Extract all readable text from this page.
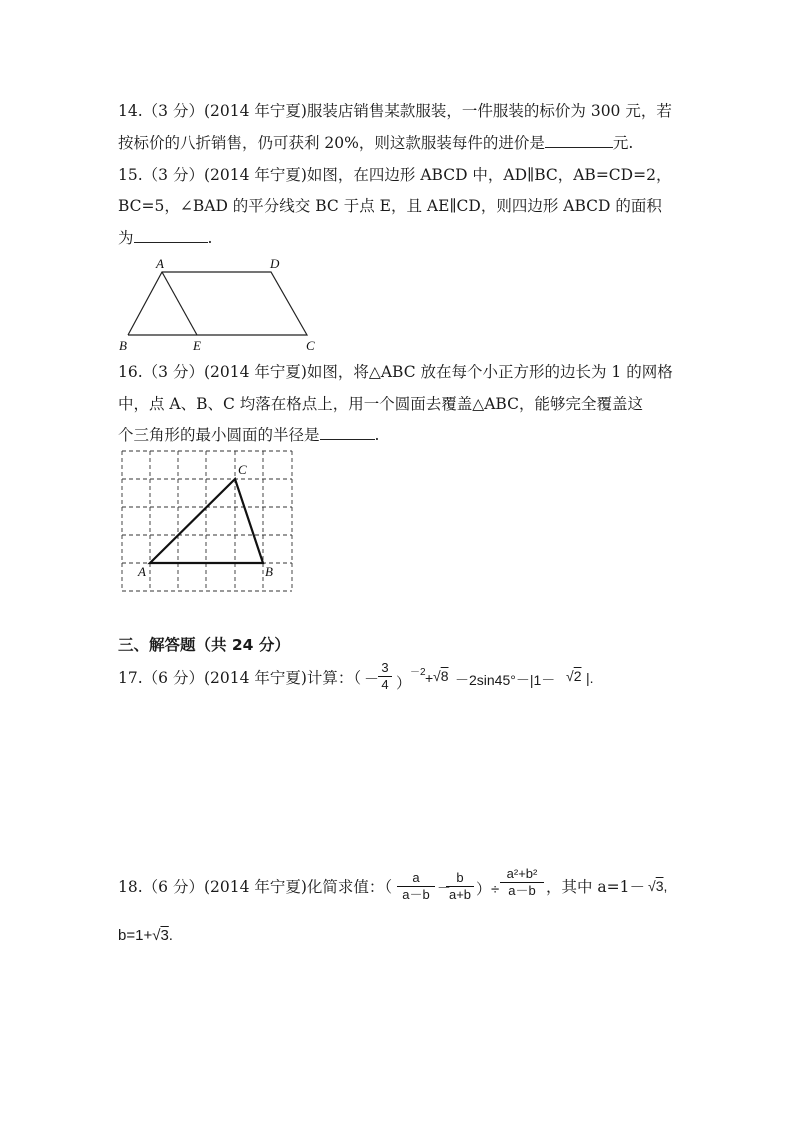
14.（3 分）(2014 年宁夏)服装店销售某款服装，一件服装的标价为 300 元，若
按标价的八折销售，仍可获利 20%，则这款服装每件的进价是	元.
15.（3 分）(2014 年宁夏)如图，在四边形 ABCD 中，AD∥BC，AB=CD=2，
BC=5，∠BAD 的平分线交 BC 于点 E，且 AE∥CD，则四边形 ABCD 的面积
为	.
A	D
B	E	C
16.（3 分）(2014 年宁夏)如图，将△ABC 放在每个小正方形的边长为 1 的网格
中，点 A、B、C 均落在格点上，用一个圆面去覆盖△ABC，能够完全覆盖这
个三角形的最小圆面的半径是	.
A	B
C
三、解答题（共 24 分）
17.（6 分）(2014 年宁夏)计算：（ －
$\frac{3}{4}$ ）
－2 + √8 －2sin45°－|1－ √2 |.
18.（6 分）(2014 年宁夏)化简求值：（ $\frac{a}{a-b}$ －
$\frac{b}{a+b}$ ）÷ $\frac{\text{a²+b²}}{a-b}$ ，其中 a=1－ √3,
b=1+√3.
